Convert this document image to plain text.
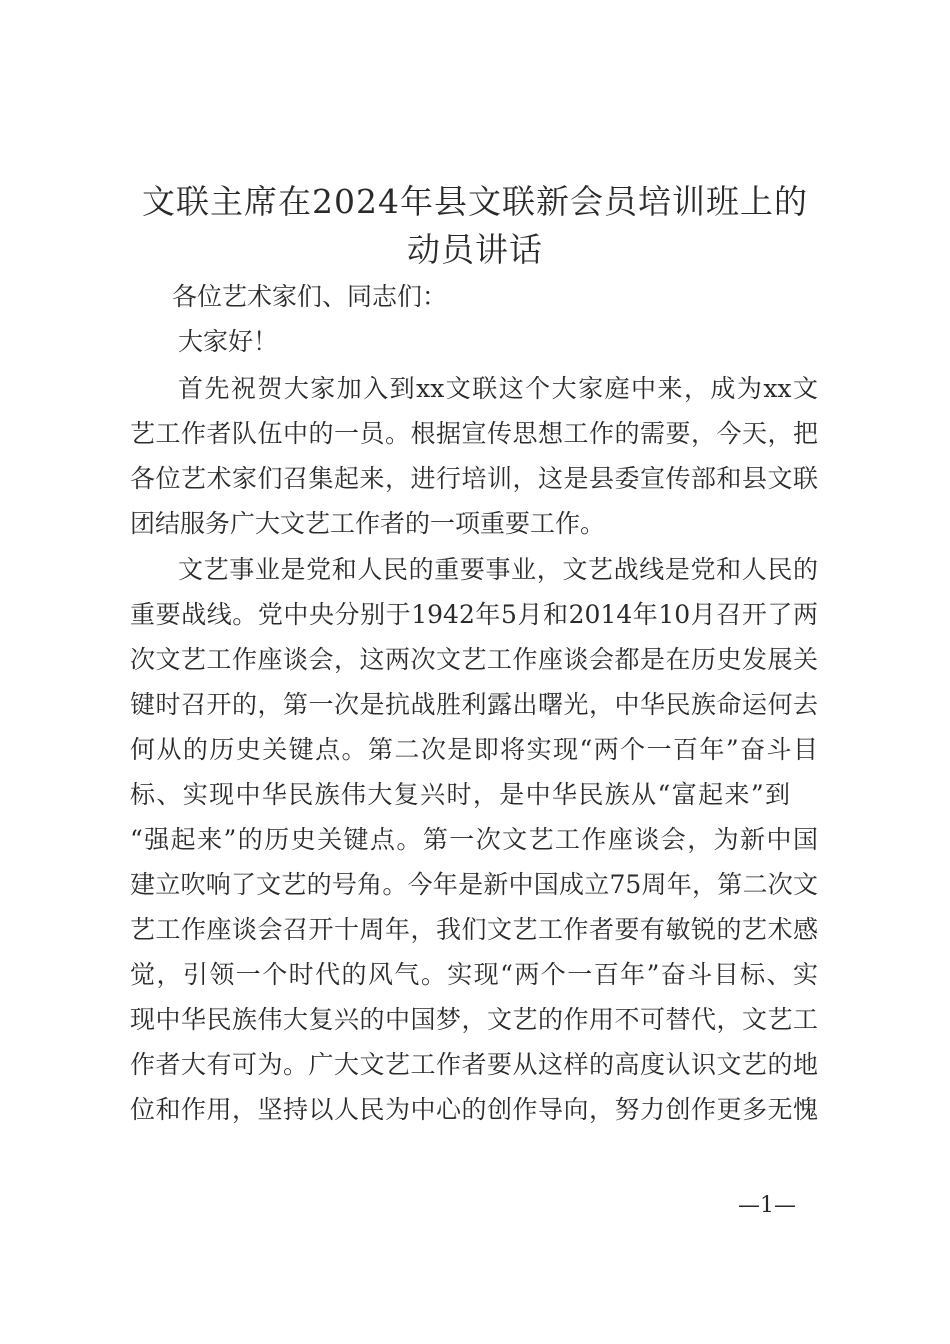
文联主席在2024年县文联新会员培训班上的
动员讲话
各位艺术家们、同志们：
大家好！
首先祝贺大家加入到xx文联这个大家庭中来，成为xx文
艺工作者队伍中的一员。根据宣传思想工作的需要，今天，把
各位艺术家们召集起来，进行培训，这是县委宣传部和县文联
团结服务广大文艺工作者的一项重要工作。
文艺事业是党和人民的重要事业，文艺战线是党和人民的
重要战线。党中央分别于1942年5月和2014年10月召开了两
次文艺工作座谈会，这两次文艺工作座谈会都是在历史发展关
键时召开的，第一次是抗战胜利露出曙光，中华民族命运何去
何从的历史关键点。第二次是即将实现“两个一百年”奋斗目
标、实现中华民族伟大复兴时，是中华民族从“富起来”到
“强起来”的历史关键点。第一次文艺工作座谈会，为新中国
建立吹响了文艺的号角。今年是新中国成立75周年，第二次文
艺工作座谈会召开十周年，我们文艺工作者要有敏锐的艺术感
觉，引领一个时代的风气。实现“两个一百年”奋斗目标、实
现中华民族伟大复兴的中国梦，文艺的作用不可替代，文艺工
作者大有可为。广大文艺工作者要从这样的高度认识文艺的地
位和作用，坚持以人民为中心的创作导向，努力创作更多无愧
—1—
